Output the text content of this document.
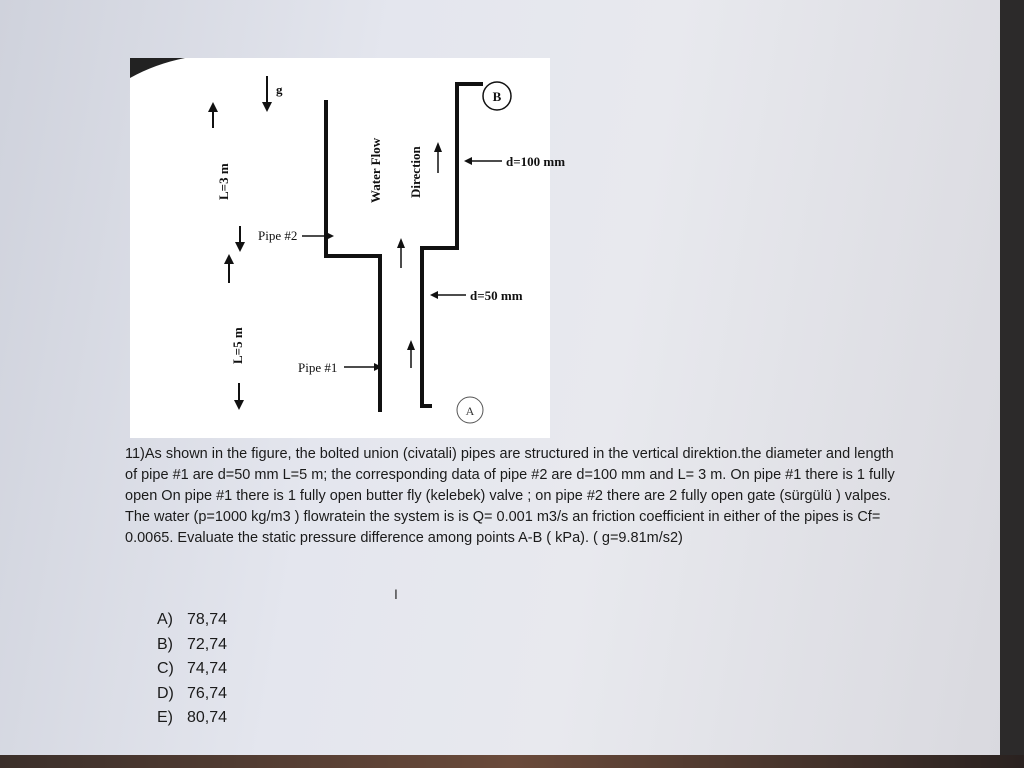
g
L=3 m
L=5 m
Pipe #2
Pipe #1
Water Flow Direction	d=100 mm
d=50 mm
B
A

11)As shown in the figure, the bolted union (civatali) pipes are structured in the vertical direktion.the diameter and length of pipe #1 are d=50 mm L=5 m; the corresponding data of pipe #2 are d=100 mm and L= 3 m. On pipe #1 there is 1 fully open On pipe #1 there is 1 fully open butter fly (kelebek) valve ; on pipe #2 there are 2 fully open gate (sürgülü ) valpes. The water (p=1000 kg/m3 ) flowratein the system is is Q= 0.001 m3/s an friction coefficient in either of the pipes is Cf= 0.0065. Evaluate the static pressure difference among points A-B ( kPa). ( g=9.81m/s2)

I
A) 78,74
B) 72,74
C) 74,74
D) 76,74
E) 80,74
